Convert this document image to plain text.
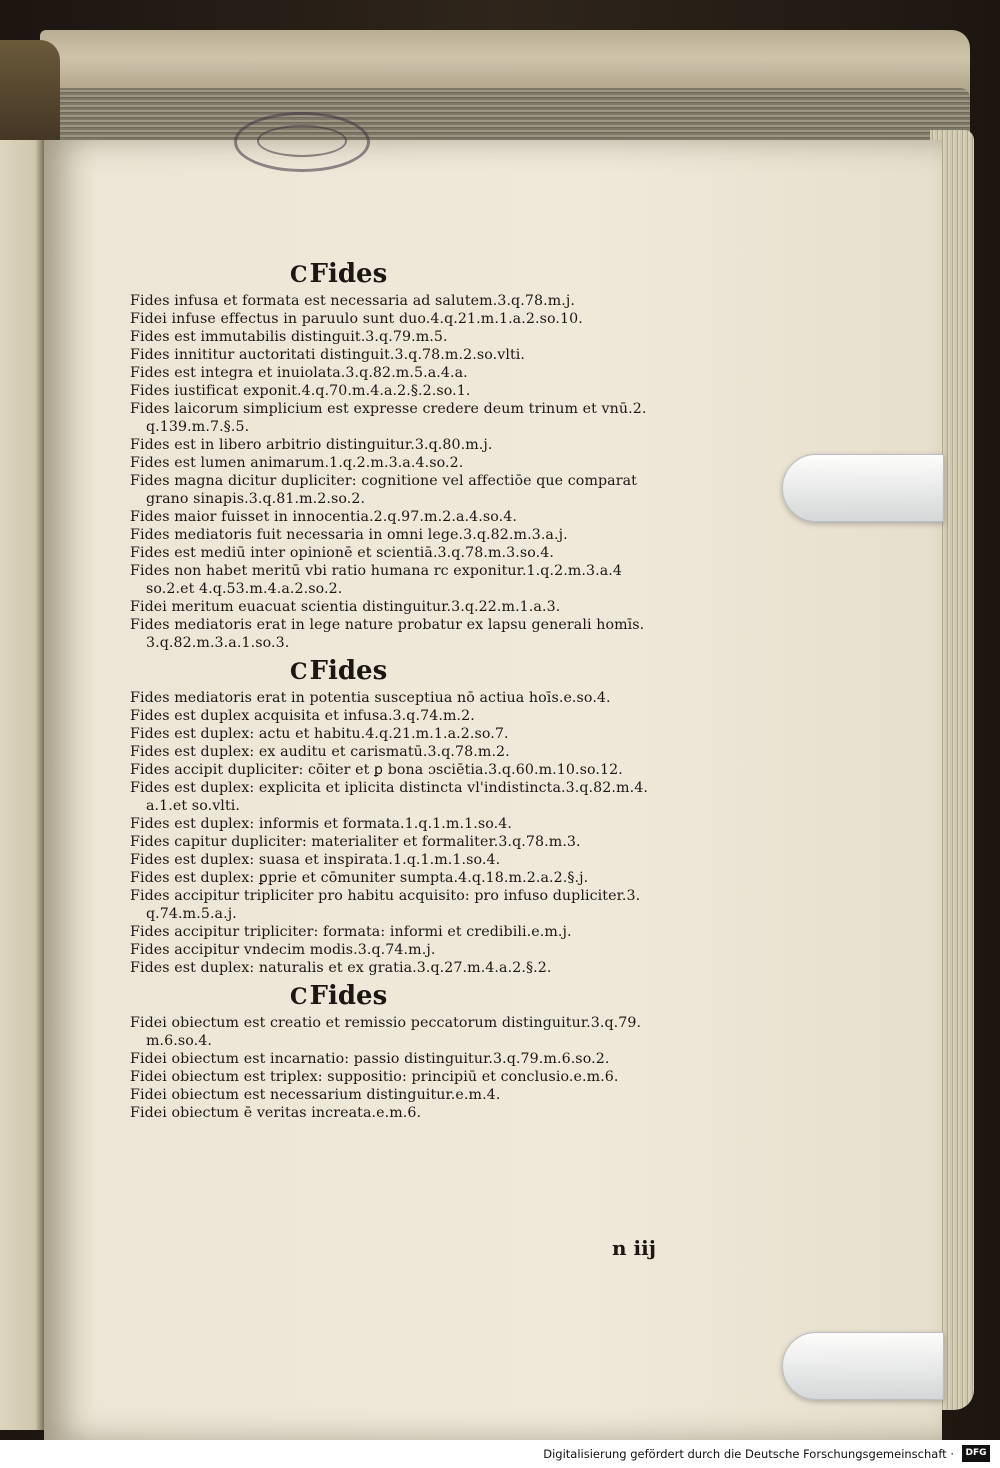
CFides
Fides infusa et formata est necessaria ad salutem.3.q.78.m.j.
Fidei infuse effectus in paruulo sunt duo.4.q.21.m.1.a.2.so.10.
Fides est immutabilis distinguit.3.q.79.m.5.
Fides innititur auctoritati distinguit.3.q.78.m.2.so.vlti.
Fides est integra et inuiolata.3.q.82.m.5.a.4.a.
Fides iustificat exponit.4.q.70.m.4.a.2.§.2.so.1.
Fides laicorum simplicium est expresse credere deum trinum et vnū.2.
q.139.m.7.§.5.
Fides est in libero arbitrio distinguitur.3.q.80.m.j.
Fides est lumen animarum.1.q.2.m.3.a.4.so.2.
Fides magna dicitur dupliciter: cognitione vel affectiōe que comparat
grano sinapis.3.q.81.m.2.so.2.
Fides maior fuisset in innocentia.2.q.97.m.2.a.4.so.4.
Fides mediatoris fuit necessaria in omni lege.3.q.82.m.3.a.j.
Fides est mediū inter opinionē et scientiā.3.q.78.m.3.so.4.
Fides non habet meritū vbi ratio humana rc exponitur.1.q.2.m.3.a.4
so.2.et 4.q.53.m.4.a.2.so.2.
Fidei meritum euacuat scientia distinguitur.3.q.22.m.1.a.3.
Fides mediatoris erat in lege nature probatur ex lapsu generali homīs.
3.q.82.m.3.a.1.so.3.
CFides
Fides mediatoris erat in potentia susceptiua nō actiua hoīs.e.so.4.
Fides est duplex acquisita et infusa.3.q.74.m.2.
Fides est duplex: actu et habitu.4.q.21.m.1.a.2.so.7.
Fides est duplex: ex auditu et carismatū.3.q.78.m.2.
Fides accipit dupliciter: cōiter et ꝑ bona ɔsciētia.3.q.60.m.10.so.12.
Fides est duplex: explicita et iplicita distincta vl'indistincta.3.q.82.m.4.
a.1.et so.vlti.
Fides est duplex: informis et formata.1.q.1.m.1.so.4.
Fides capitur dupliciter: materialiter et formaliter.3.q.78.m.3.
Fides est duplex: suasa et inspirata.1.q.1.m.1.so.4.
Fides est duplex: ꝑprie et cōmuniter sumpta.4.q.18.m.2.a.2.§.j.
Fides accipitur tripliciter pro habitu acquisito: pro infuso dupliciter.3.
q.74.m.5.a.j.
Fides accipitur tripliciter: formata: informi et credibili.e.m.j.
Fides accipitur vndecim modis.3.q.74.m.j.
Fides est duplex: naturalis et ex gratia.3.q.27.m.4.a.2.§.2.
CFides
Fidei obiectum est creatio et remissio peccatorum distinguitur.3.q.79.
m.6.so.4.
Fidei obiectum est incarnatio: passio distinguitur.3.q.79.m.6.so.2.
Fidei obiectum est triplex: suppositio: principiū et conclusio.e.m.6.
Fidei obiectum est necessarium distinguitur.e.m.4.
Fidei obiectum ē veritas increata.e.m.6.
n iij
Digitalisierung gefördert durch die Deutsche Forschungsgemeinschaft ·	DFG
